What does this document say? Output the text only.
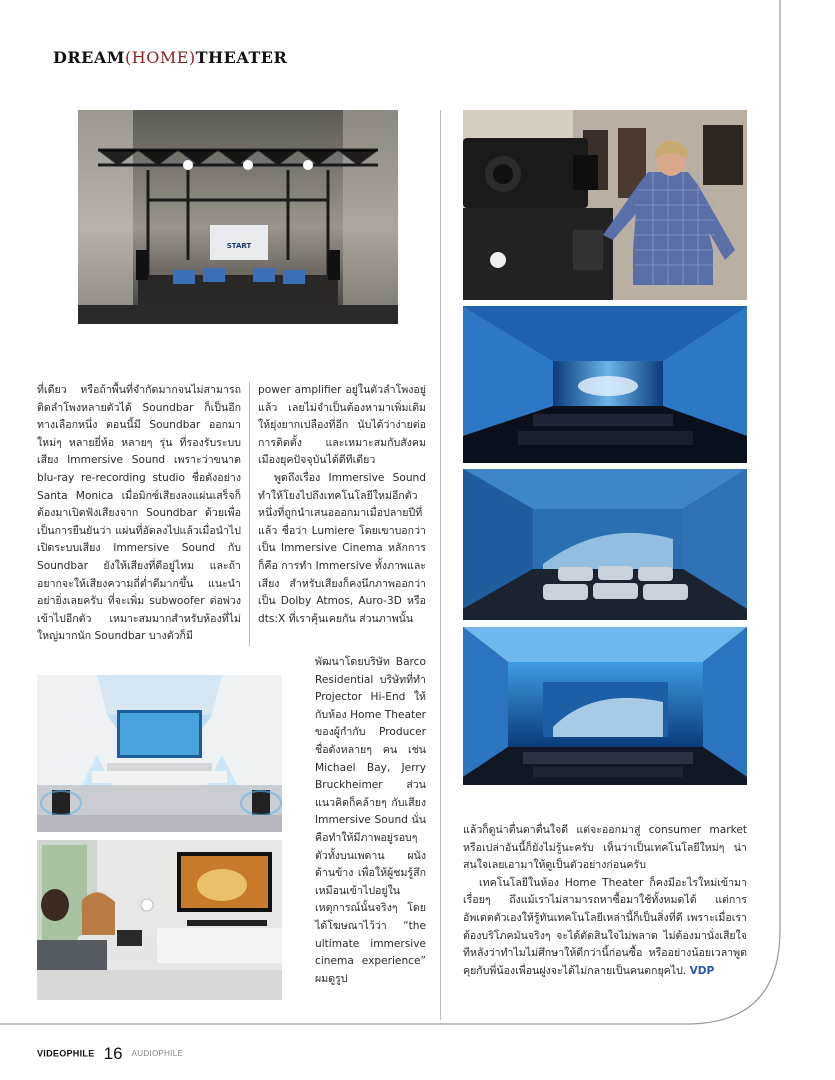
DREAM(HOME)THEATER
START

ที่เดียว หรือถ้าพื้นที่จำกัดมากจนไม่สามารถติดลำโพงหลายตัวได้ Soundbar ก็เป็นอีกทางเลือกหนึ่ง ตอนนี้มี Soundbar ออกมาใหม่ๆ หลายยี่ห้อ หลายๆ รุ่น ที่รองรับระบบเสียง Immersive Sound เพราะว่าขนาด blu-ray re-recording studio ชื่อดังอย่าง Santa Monica เมื่อมิกซ์เสียงลงแผ่นเสร็จก็ต้องมาเปิดฟังเสียงจาก Soundbar ด้วยเพื่อเป็นการยืนยันว่า แผ่นที่อัดลงไปแล้วเมื่อนำไปเปิดระบบเสียง Immersive Sound กับ Soundbar ยังให้เสียงที่ดีอยู่ไหม และถ้าอยากจะให้เสียงความถี่ต่ำดีมากขึ้น แนะนำอย่ายิ่งเลยครับ ที่จะเพิ่ม subwoofer ต่อพ่วงเข้าไปอีกตัว เหมาะสมมากสำหรับห้องที่ไม่ใหญ่มากนัก Soundbar บางตัวก็มี

power amplifier อยู่ในตัวลำโพงอยู่แล้ว เลยไม่จำเป็นต้องหามาเพิ่มเติมให้ยุ่งยากเปลืองที่อีก นับได้ว่าง่ายต่อการติดตั้ง และเหมาะสมกับสังคมเมืองยุคปัจจุบันได้ดีทีเดียว

พูดถึงเรื่อง Immersive Sound ทำให้โยงไปถึงเทคโนโลยีใหม่อีกตัวหนึ่งที่ถูกนำเสนอออกมาเมื่อปลายปีที่แล้ว ชื่อว่า Lumiere โดยเขาบอกว่าเป็น Immersive Cinema หลักการก็คือ การทำ Immersive ทั้งภาพและเสียง สำหรับเสียงก็คงนึกภาพออกว่าเป็น Dolby Atmos, Auro-3D หรือ dts:X ที่เราคุ้นเคยกัน ส่วนภาพนั้น

พัฒนาโดยบริษัท Barco Residential บริษัทที่ทำ Projector Hi-End ให้กับห้อง Home Theater ของผู้กำกับ Producer ชื่อดังหลายๆ คน เช่น Michael Bay, Jerry Bruckheimer ส่วนแนวคิดก็คล้ายๆ กับเสียง Immersive Sound นั่นคือทำให้มีภาพอยู่รอบๆ ตัวทั้งบนเพดาน ผนังด้านข้าง เพื่อให้ผู้ชมรู้สึกเหมือนเข้าไปอยู่ในเหตุการณ์นั้นจริงๆ โดยได้โฆษณาไว้ว่า “the ultimate immersive cinema experience” ผมดูรูป

แล้วก็ดูน่าตื่นตาตื่นใจดี แต่จะออกมาสู่ consumer market หรือเปล่าอันนี้ก็ยังไม่รู้นะครับ เห็นว่าเป็นเทคโนโลยีใหม่ๆ น่าสนใจเลยเอามาให้ดูเป็นตัวอย่างก่อนครับ

เทคโนโลยีในห้อง Home Theater ก็คงมีอะไรใหม่เข้ามาเรื่อยๆ ถึงแม้เราไม่สามารถหาซื้อมาใช้ทั้งหมดได้ แต่การอัพเดตตัวเองให้รู้ทันเทคโนโลยีเหล่านี้ก็เป็นสิ่งที่ดี เพราะเมื่อเราต้องบริโภคมันจริงๆ จะได้ตัดสินใจไม่พลาด ไม่ต้องมานั่งเสียใจทีหลังว่าทำไมไม่ศึกษาให้ดีกว่านี้ก่อนซื้อ หรืออย่างน้อยเวลาพูดคุยกับพี่น้องเพื่อนฝูงจะได้ไม่กลายเป็นคนตกยุคไป. VDP

VIDEOPHILE 16 AUDIOPHILE
